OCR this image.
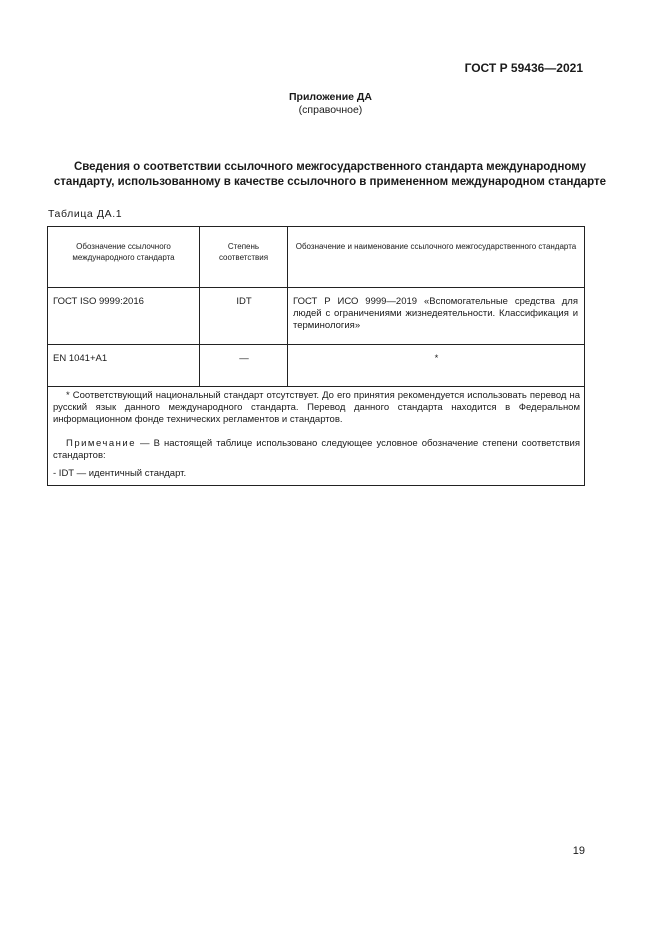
ГОСТ Р 59436—2021
Приложение ДА
(справочное)
Сведения о соответствии ссылочного межгосударственного стандарта международному
стандарту, использованному в качестве ссылочного в примененном международном стандарте
Таблица ДА.1
Обозначение ссылочного международного стандарта	Степень соответствия	Обозначение и наименование ссылочного межгосударственного стандарта

ГОСТ ISO 9999:2016	IDT	ГОСТ Р ИСО 9999—2019 «Вспомогательные средства для людей с ограничениями жизнедеятельности. Классификация и терминология»
EN 1041+A1	—	*

* Соответствующий национальный стандарт отсутствует. До его принятия рекомендуется использовать перевод на русский язык данного международного стандарта. Перевод данного стандарта находится в Федеральном информационном фонде технических регламентов и стандартов.

Примечание — В настоящей таблице использовано следующее условное обозначение степени соответствия стандартов:

- IDT — идентичный стандарт.		

19
